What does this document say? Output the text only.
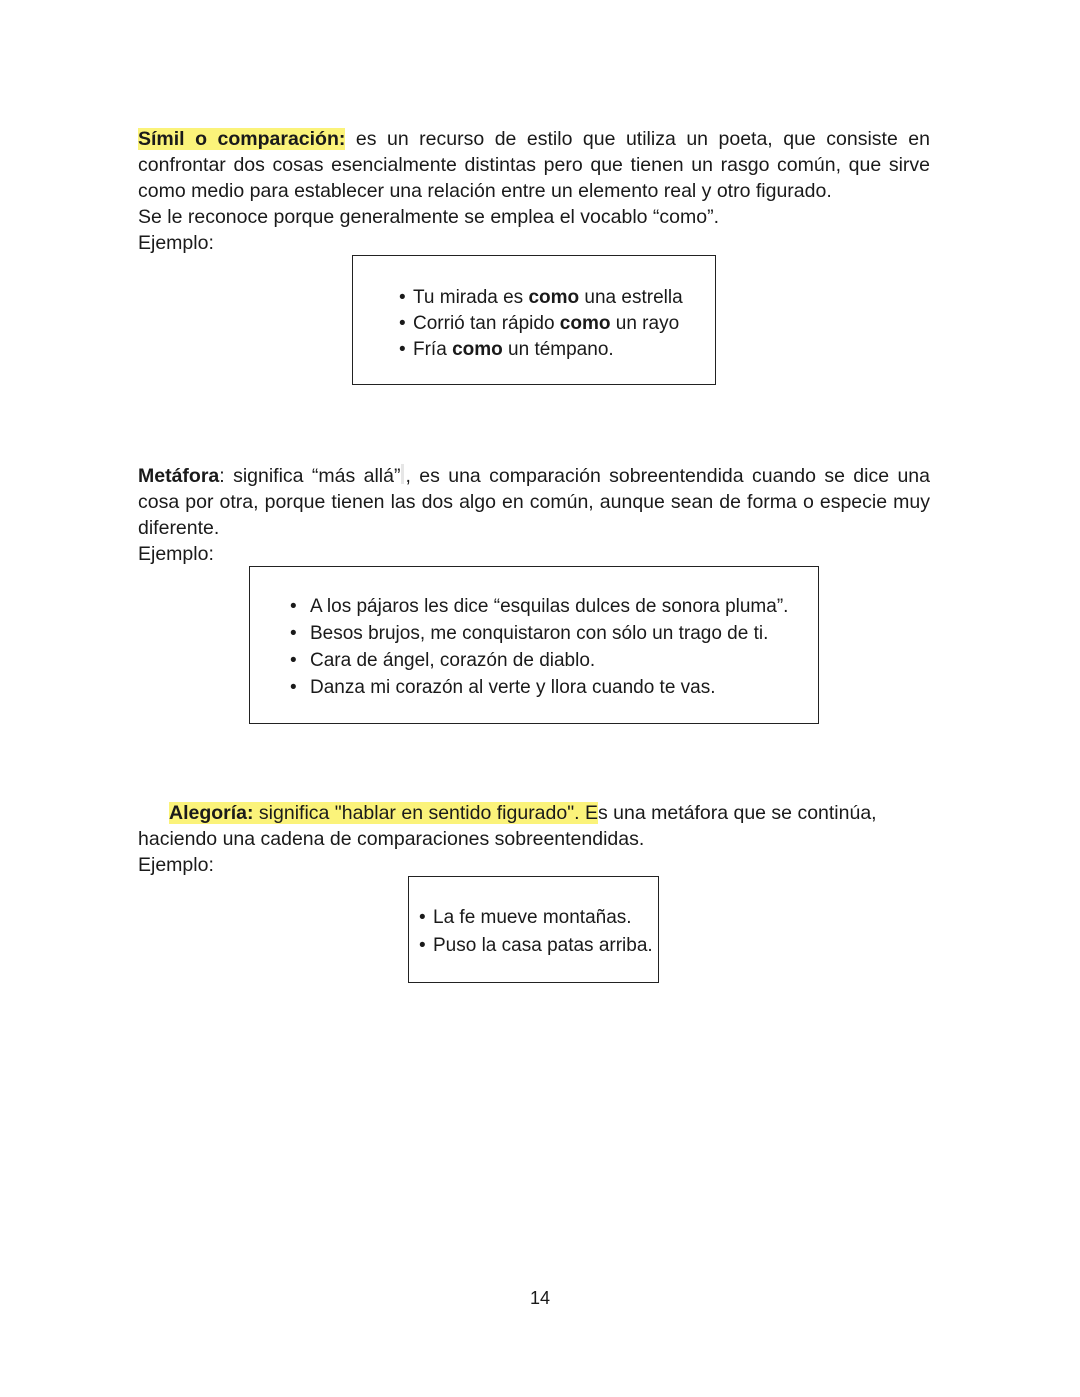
Símil o comparación: es un recurso de estilo que utiliza un poeta, que consiste en confrontar dos cosas esencialmente distintas pero que tienen un rasgo común, que sirve como medio para establecer una relación entre un elemento real y otro figurado.
Se le reconoce porque generalmente se emplea el vocablo “como”.
Ejemplo:
• Tu mirada es como una estrella
• Corrió tan rápido como un rayo
• Fría como un témpano.
Metáfora: significa “más allá” , es una comparación sobreentendida cuando se dice una cosa por otra, porque tienen las dos algo en común, aunque sean de forma o especie muy diferente.
Ejemplo:
• A los pájaros les dice “esquilas dulces de sonora pluma”.
• Besos brujos, me conquistaron con sólo un trago de ti.
• Cara de ángel, corazón de diablo.
• Danza mi corazón al verte y llora cuando te vas.
Alegoría: significa "hablar en sentido figurado". Es una metáfora que se continúa, haciendo una cadena de comparaciones sobreentendidas.
Ejemplo:
• La fe mueve montañas.
• Puso la casa patas arriba.
14
